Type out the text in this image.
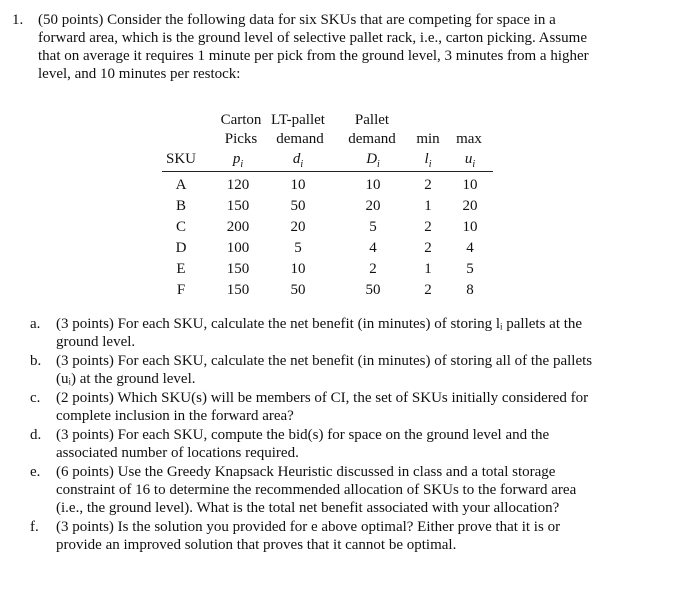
1. (50 points) Consider the following data for six SKUs that are competing for space in a
forward area, which is the ground level of selective pallet rack, i.e., carton picking. Assume
that on average it requires 1 minute per pick from the ground level, 3 minutes from a higher
level, and 10 minutes per restock:
Carton LT-pallet Pallet
Picks demand demand min max
SKU $p_i$	$d_i$	$D_i$	$l_i$ $u_i$
A	120	10	10	2 10
B	150	50	20	1 20
C	200	20	5	2 10
D	100	5	4	2 4
E	150	10	2	1 5
F	150	50	50	2 8
a.	(3 points) For each SKU, calculate the net benefit (in minutes) of storing lᵢ pallets at the
ground level.
b. (3 points) For each SKU, calculate the net benefit (in minutes) of storing all of the pallets
(uᵢ) at the ground level.
c.	(2 points) Which SKU(s) will be members of CI, the set of SKUs initially considered for
complete inclusion in the forward area?
d. (3 points) For each SKU, compute the bid(s) for space on the ground level and the
associated number of locations required.
e.	(6 points) Use the Greedy Knapsack Heuristic discussed in class and a total storage
constraint of 16 to determine the recommended allocation of SKUs to the forward area
(i.e., the ground level). What is the total net benefit associated with your allocation?
f.	(3 points) Is the solution you provided for e above optimal? Either prove that it is or
provide an improved solution that proves that it cannot be optimal.
